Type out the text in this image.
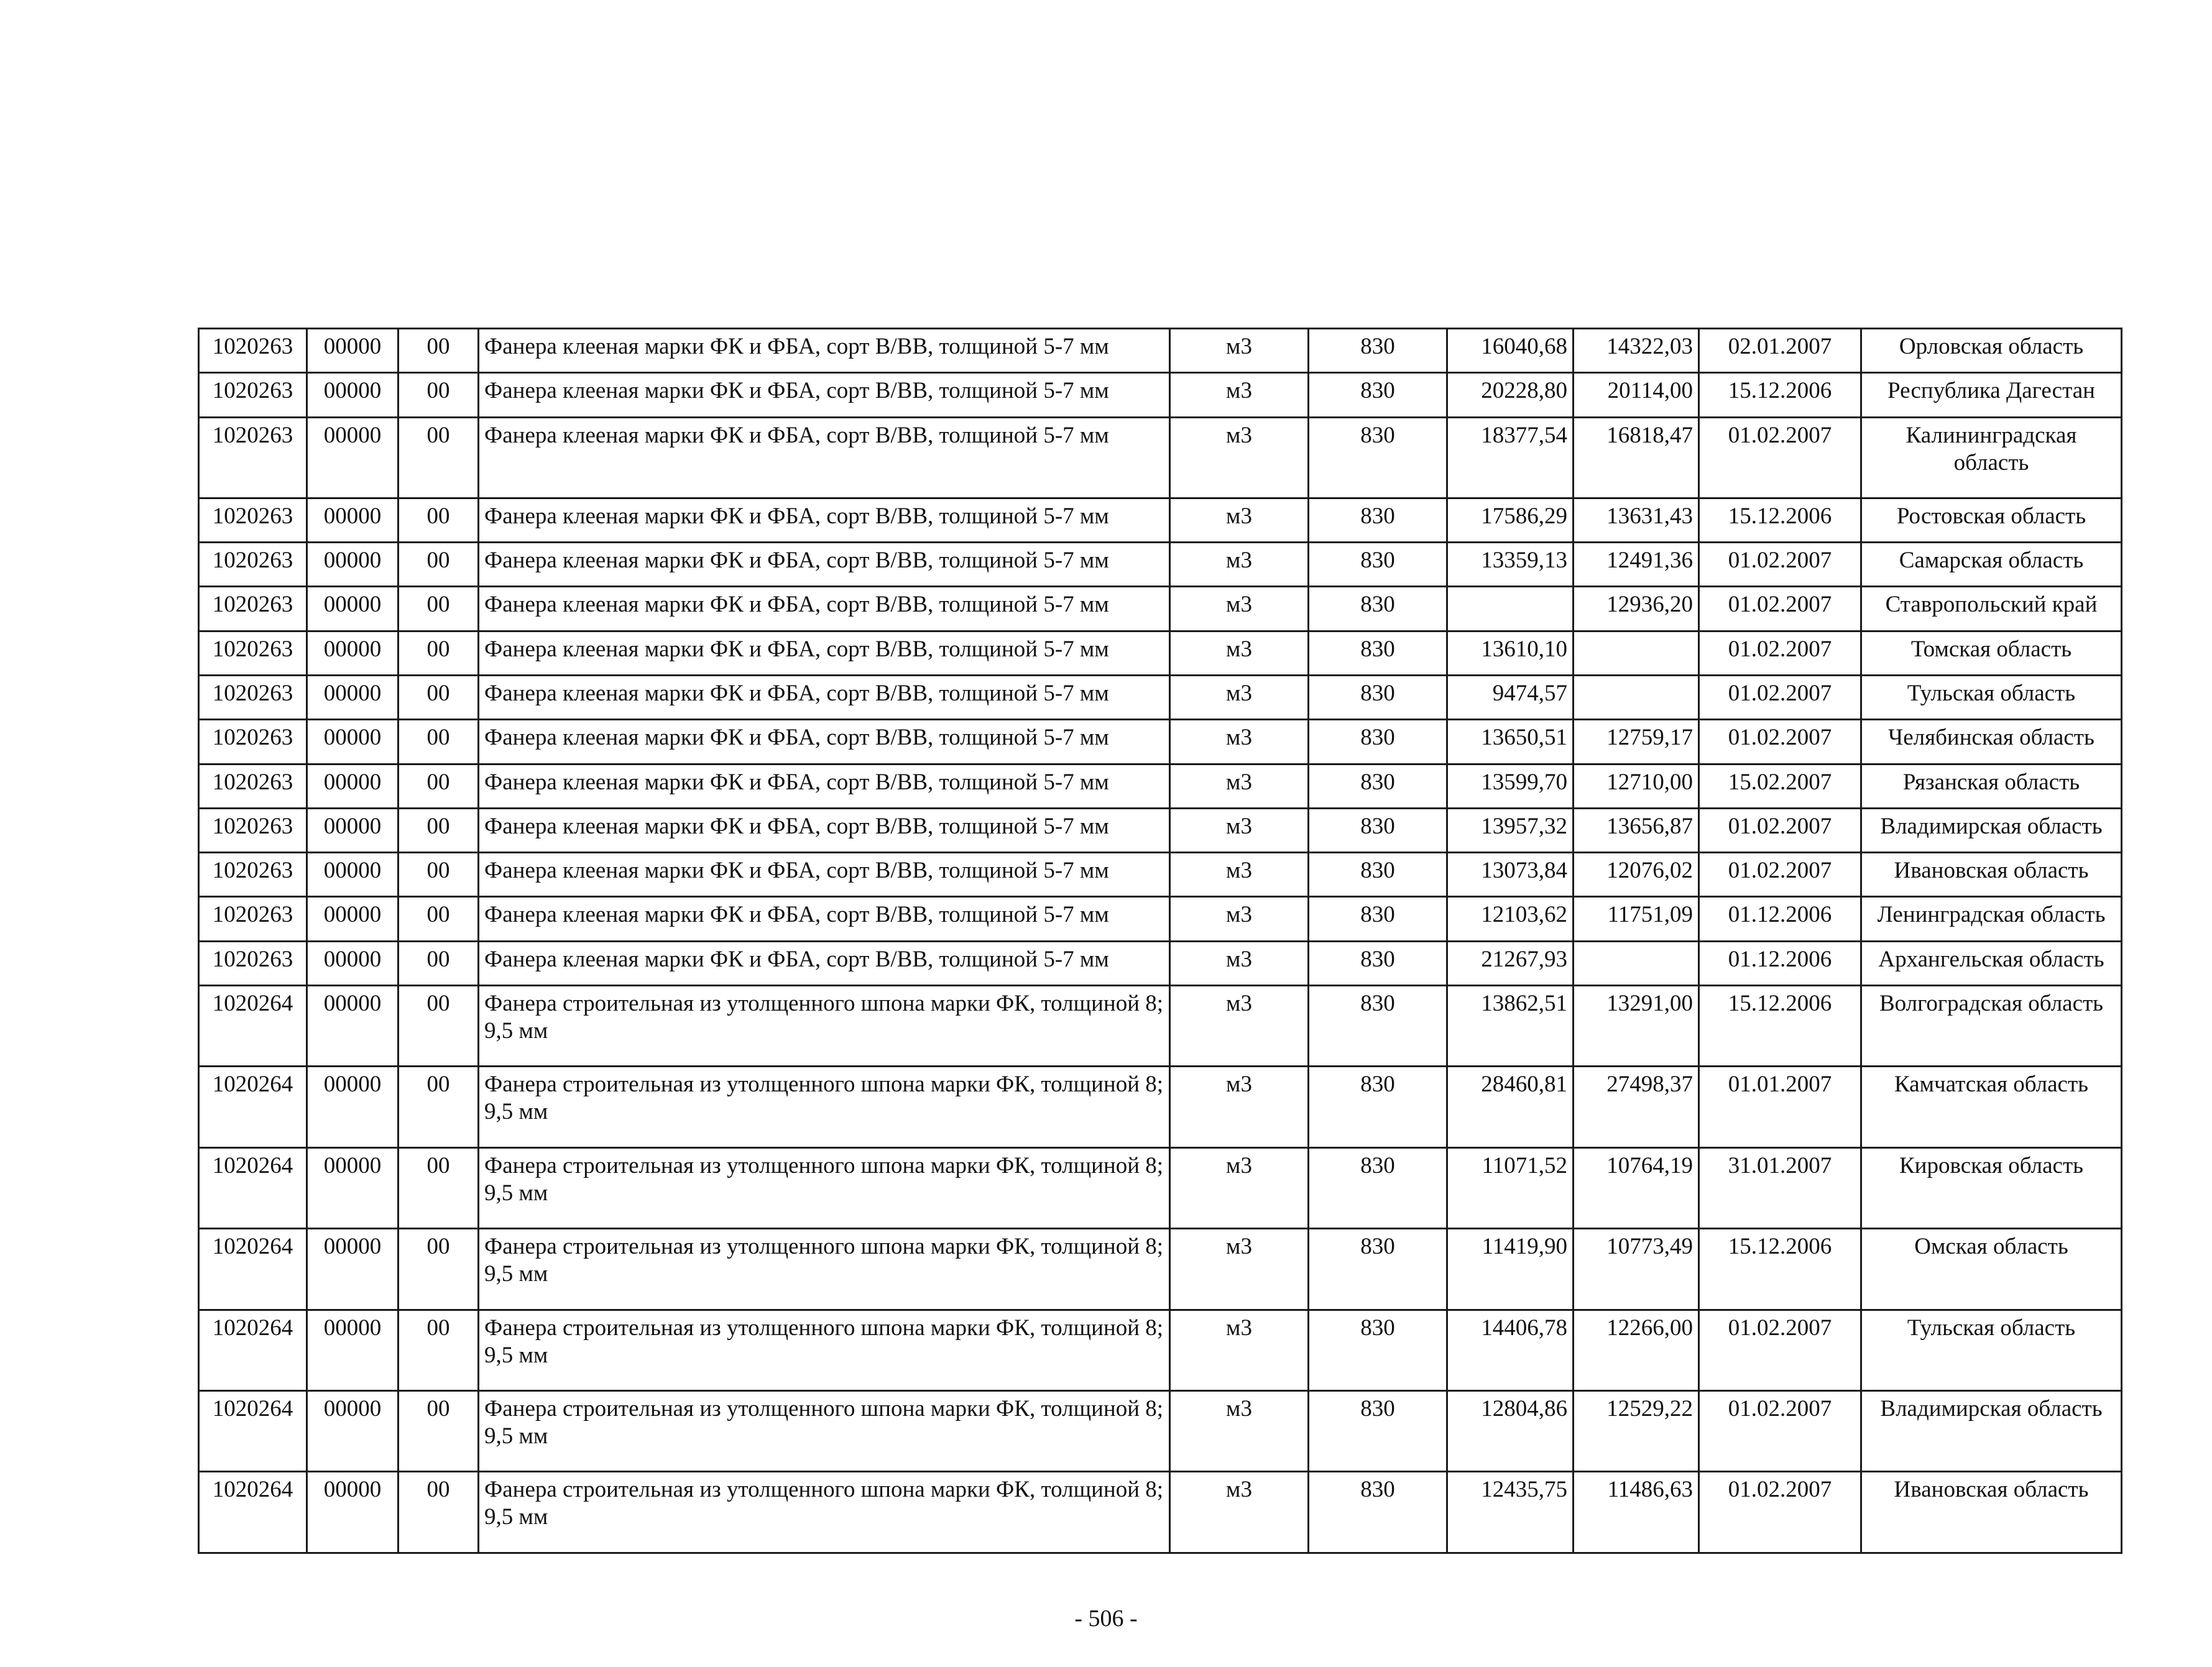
1020263	00000	00	Фанера клееная марки ФК и ФБА, сорт В/ВВ, толщиной 5-7 мм	м3	830	16040,68	14322,03	02.01.2007	Орловская область
1020263	00000	00	Фанера клееная марки ФК и ФБА, сорт В/ВВ, толщиной 5-7 мм	м3	830	20228,80	20114,00	15.12.2006	Республика Дагестан
1020263	00000	00	Фанера клееная марки ФК и ФБА, сорт В/ВВ, толщиной 5-7 мм	м3	830	18377,54	16818,47	01.02.2007	Калининградская область
1020263	00000	00	Фанера клееная марки ФК и ФБА, сорт В/ВВ, толщиной 5-7 мм	м3	830	17586,29	13631,43	15.12.2006	Ростовская область
1020263	00000	00	Фанера клееная марки ФК и ФБА, сорт В/ВВ, толщиной 5-7 мм	м3	830	13359,13	12491,36	01.02.2007	Самарская область
1020263	00000	00	Фанера клееная марки ФК и ФБА, сорт В/ВВ, толщиной 5-7 мм	м3	830		12936,20	01.02.2007	Ставропольский край
1020263	00000	00	Фанера клееная марки ФК и ФБА, сорт В/ВВ, толщиной 5-7 мм	м3	830	13610,10		01.02.2007	Томская область
1020263	00000	00	Фанера клееная марки ФК и ФБА, сорт В/ВВ, толщиной 5-7 мм	м3	830	9474,57		01.02.2007	Тульская область
1020263	00000	00	Фанера клееная марки ФК и ФБА, сорт В/ВВ, толщиной 5-7 мм	м3	830	13650,51	12759,17	01.02.2007	Челябинская область
1020263	00000	00	Фанера клееная марки ФК и ФБА, сорт В/ВВ, толщиной 5-7 мм	м3	830	13599,70	12710,00	15.02.2007	Рязанская область
1020263	00000	00	Фанера клееная марки ФК и ФБА, сорт В/ВВ, толщиной 5-7 мм	м3	830	13957,32	13656,87	01.02.2007	Владимирская область
1020263	00000	00	Фанера клееная марки ФК и ФБА, сорт В/ВВ, толщиной 5-7 мм	м3	830	13073,84	12076,02	01.02.2007	Ивановская область
1020263	00000	00	Фанера клееная марки ФК и ФБА, сорт В/ВВ, толщиной 5-7 мм	м3	830	12103,62	11751,09	01.12.2006	Ленинградская область
1020263	00000	00	Фанера клееная марки ФК и ФБА, сорт В/ВВ, толщиной 5-7 мм	м3	830	21267,93		01.12.2006	Архангельская область
1020264	00000	00	Фанера строительная из утолщенного шпона марки ФК, толщиной 8; 9,5 мм	м3	830	13862,51	13291,00	15.12.2006	Волгоградская область
1020264	00000	00	Фанера строительная из утолщенного шпона марки ФК, толщиной 8; 9,5 мм	м3	830	28460,81	27498,37	01.01.2007	Камчатская область
1020264	00000	00	Фанера строительная из утолщенного шпона марки ФК, толщиной 8; 9,5 мм	м3	830	11071,52	10764,19	31.01.2007	Кировская область
1020264	00000	00	Фанера строительная из утолщенного шпона марки ФК, толщиной 8; 9,5 мм	м3	830	11419,90	10773,49	15.12.2006	Омская область
1020264	00000	00	Фанера строительная из утолщенного шпона марки ФК, толщиной 8; 9,5 мм	м3	830	14406,78	12266,00	01.02.2007	Тульская область
1020264	00000	00	Фанера строительная из утолщенного шпона марки ФК, толщиной 8; 9,5 мм	м3	830	12804,86	12529,22	01.02.2007	Владимирская область
1020264	00000	00	Фанера строительная из утолщенного шпона марки ФК, толщиной 8; 9,5 мм	м3	830	12435,75	11486,63	01.02.2007	Ивановская область
- 506 -
